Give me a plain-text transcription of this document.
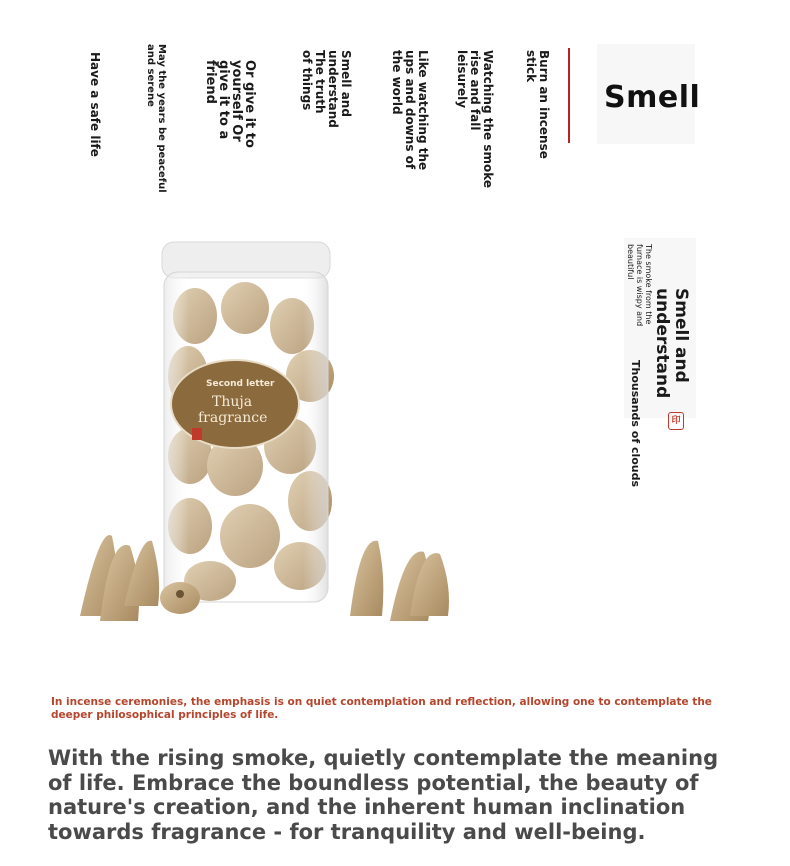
Smell
Burn an incense stick
Watching the smoke rise and fall leisurely
Like watching the ups and downs of the world
Smell and understand The truth of things
Or give it to yourself Or give it to a friend
May the years be peaceful and serene
Have a safe life
Smell and understand
Thousands of clouds
The smoke from the furnace is wispy and beautiful
印
Second letter
Thuja
fragrance
In incense ceremonies, the emphasis is on quiet contemplation and reflection, allowing one to contemplate the deeper philosophical principles of life.
With the rising smoke, quietly contemplate the meaning of life. Embrace the boundless potential, the beauty of nature's creation, and the inherent human inclination towards fragrance - for tranquility and well-being.
